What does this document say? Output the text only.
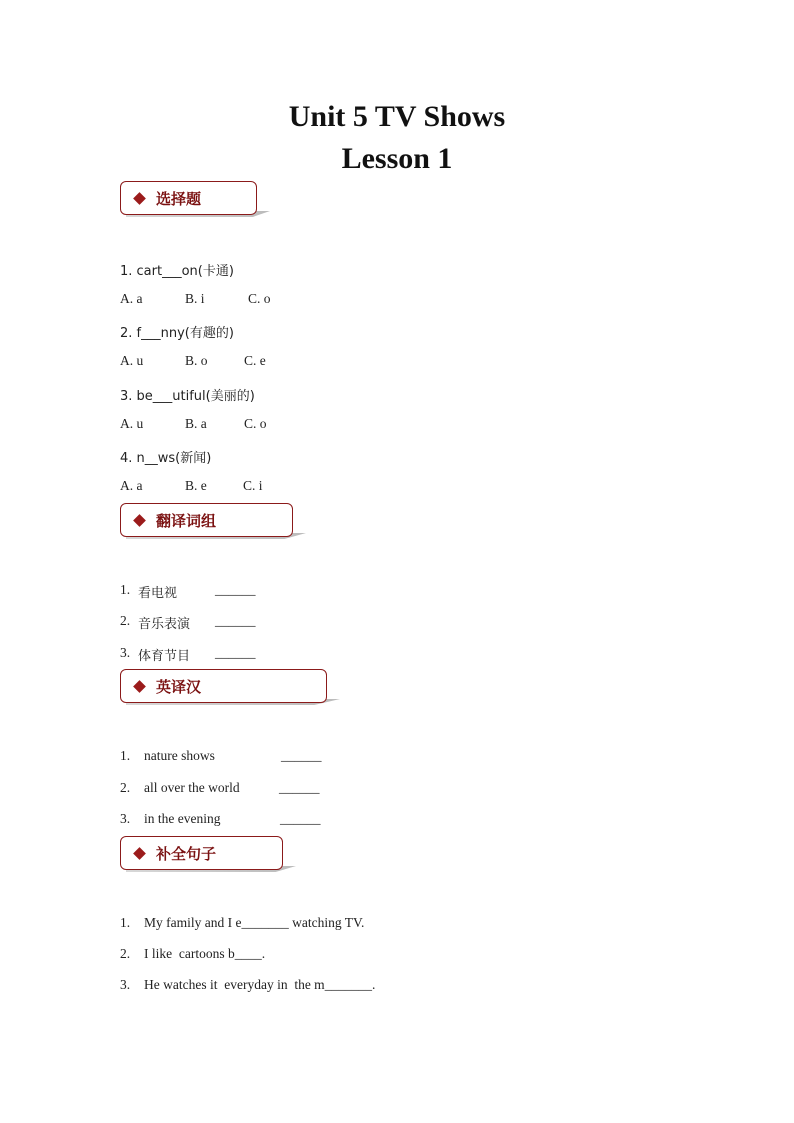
Unit 5 TV Shows
Lesson 1
选择题
1. cart___on(卡通)
A. a	B. i	C. o
2. f___nny(有趣的)
A. u	B. o	C. e
3. be___utiful(美丽的)
A. u	B. a	C. o
4. n__ws(新闻)
A. a	B. e	C. i
翻译词组
1. 看电视	______
2. 音乐表演 ______
3. 体育节目 ______
英译汉
1. nature shows	______
2. all over the world	______
3. in the evening	______
补全句子
1. My family and I e_______ watching TV.
2. I like  cartoons b____.
3. He watches it  everyday in  the m_______.
